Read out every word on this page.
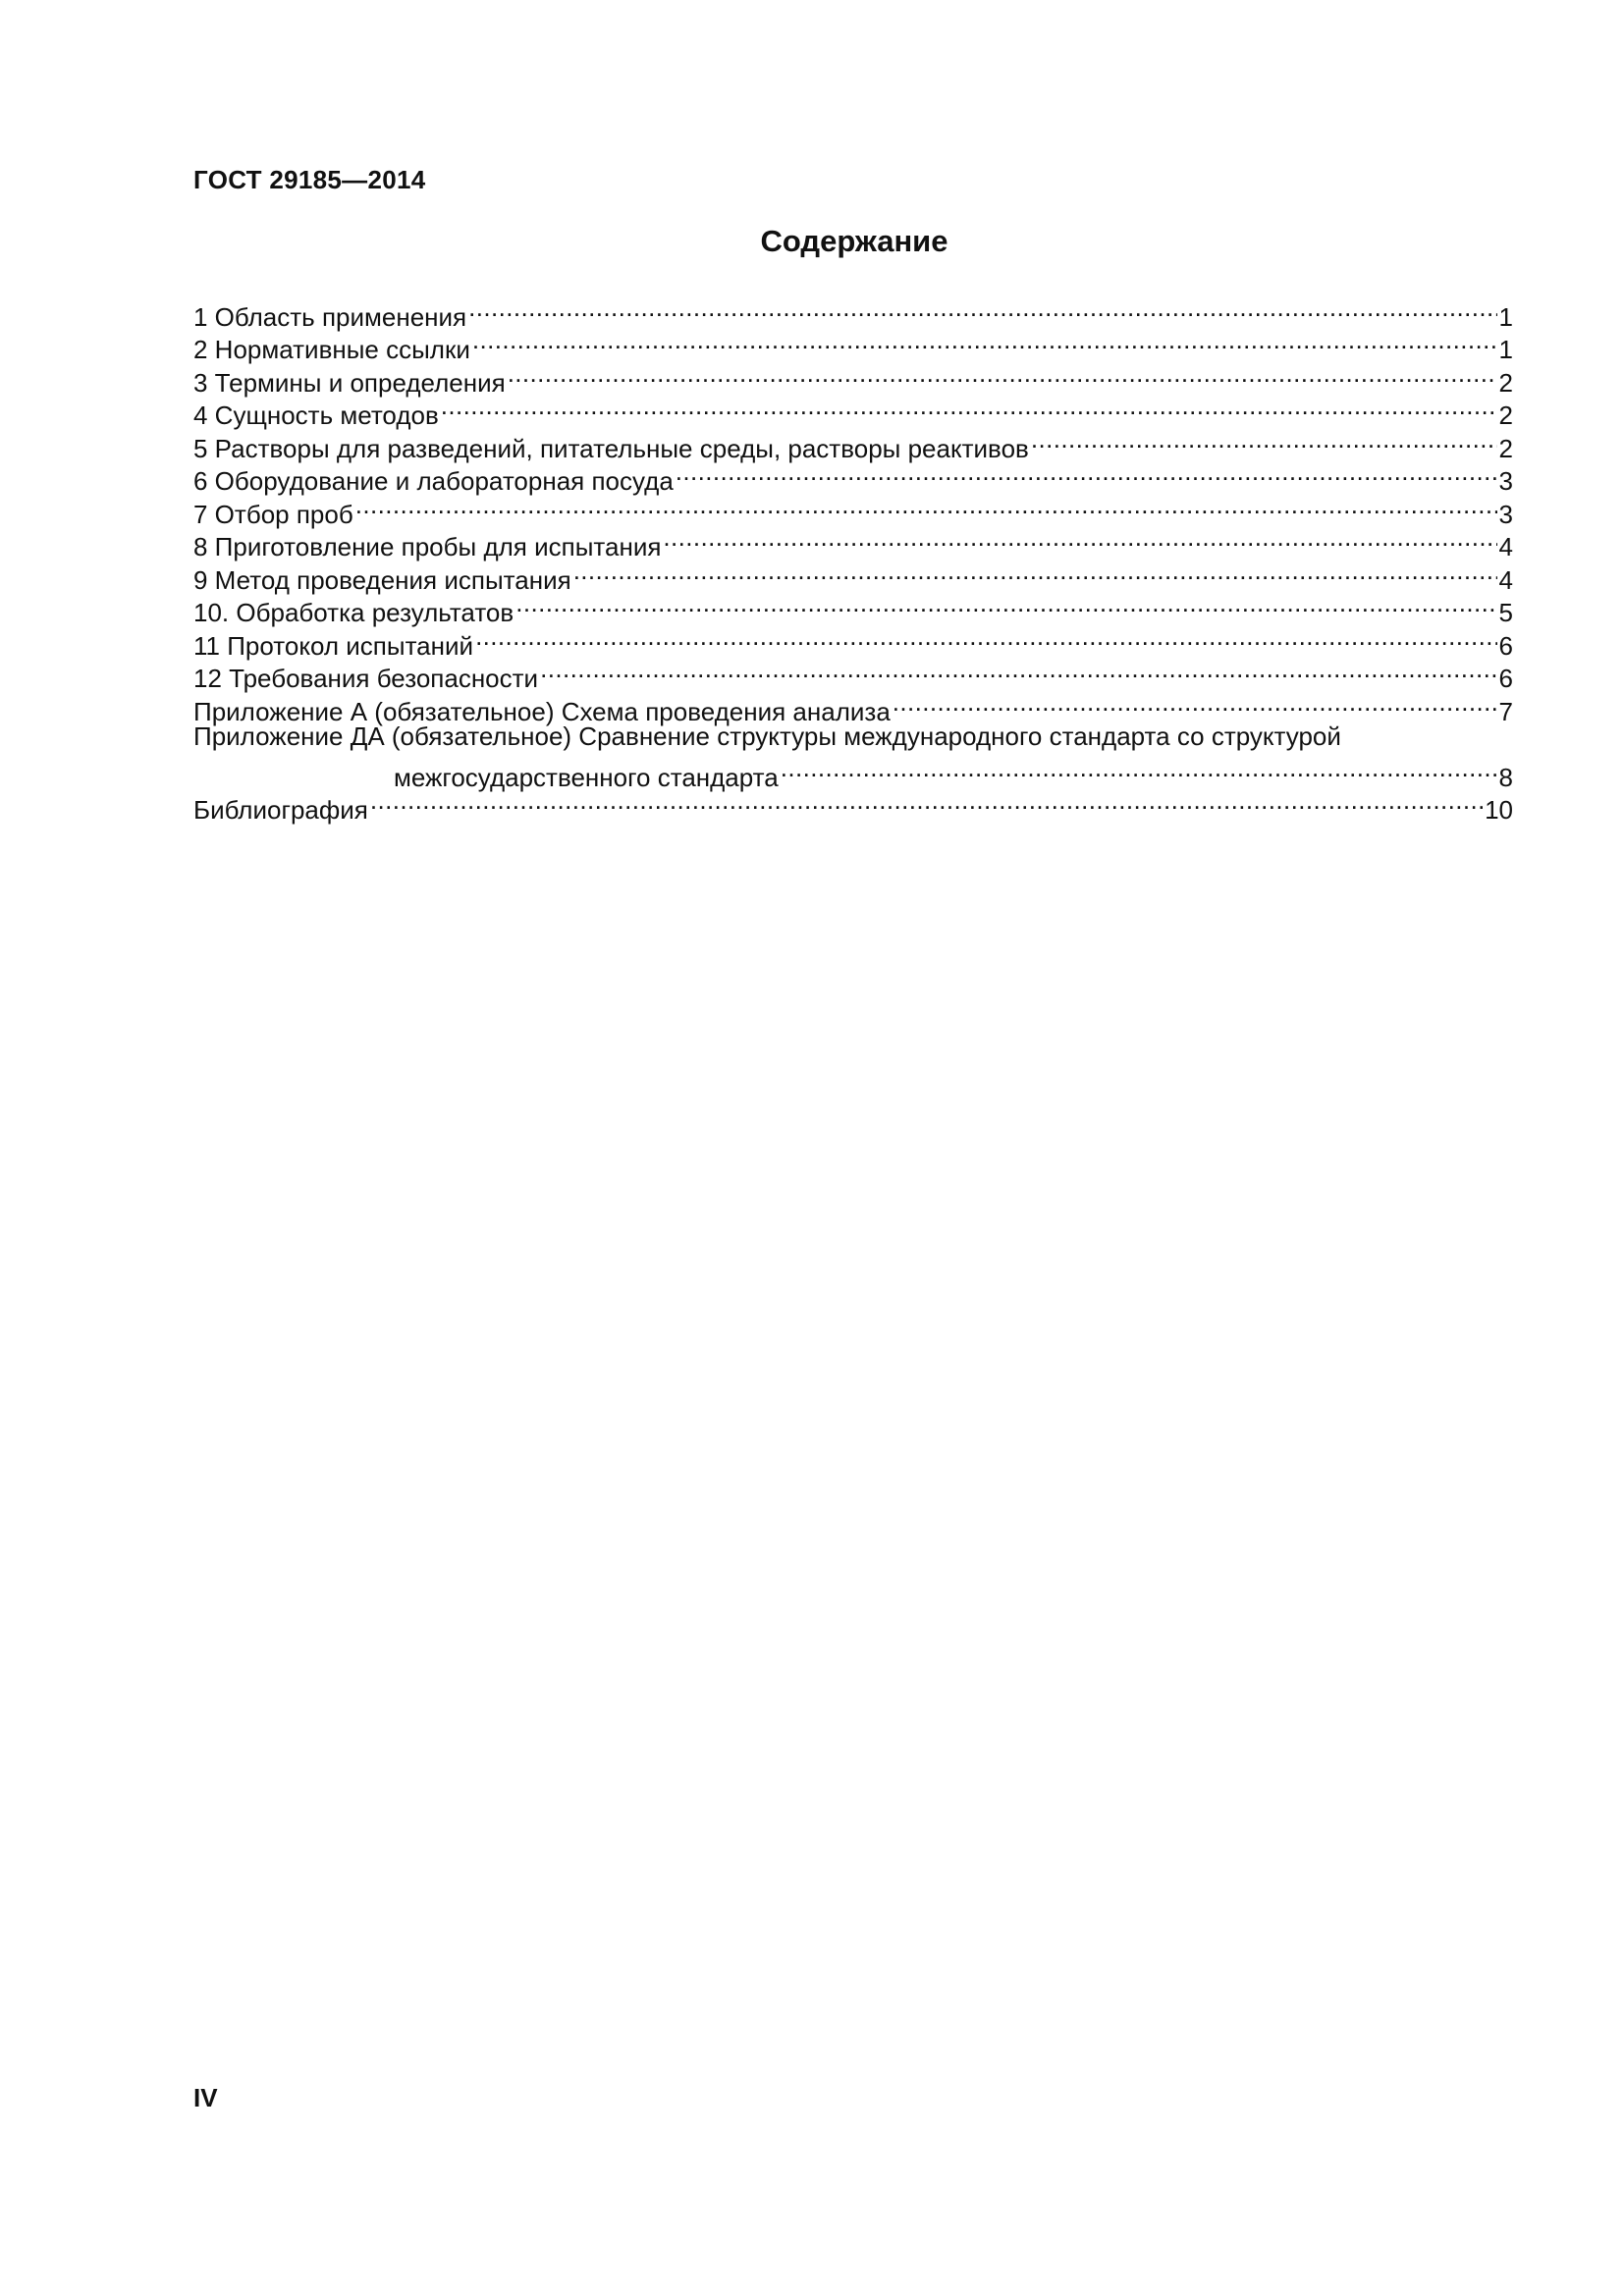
ГОСТ 29185—2014
Содержание
1 Область применения .....	1
2 Нормативные ссылки .....	1
3 Термины и определения .....	2
4 Сущность методов .....	2
5 Растворы для разведений, питательные среды, растворы реактивов .....	2
6 Оборудование и лабораторная посуда .....	3
7 Отбор проб .....	3
8 Приготовление пробы для испытания .....	4
9 Метод проведения испытания .....	4
10. Обработка результатов .....	5
11 Протокол испытаний .....	6
12 Требования безопасности .....	6
Приложение А (обязательное) Схема проведения анализа .....	7
Приложение ДА (обязательное) Сравнение структуры международного стандарта со структурой
межгосударственного стандарта .....	8
Библиография .....	10
IV
